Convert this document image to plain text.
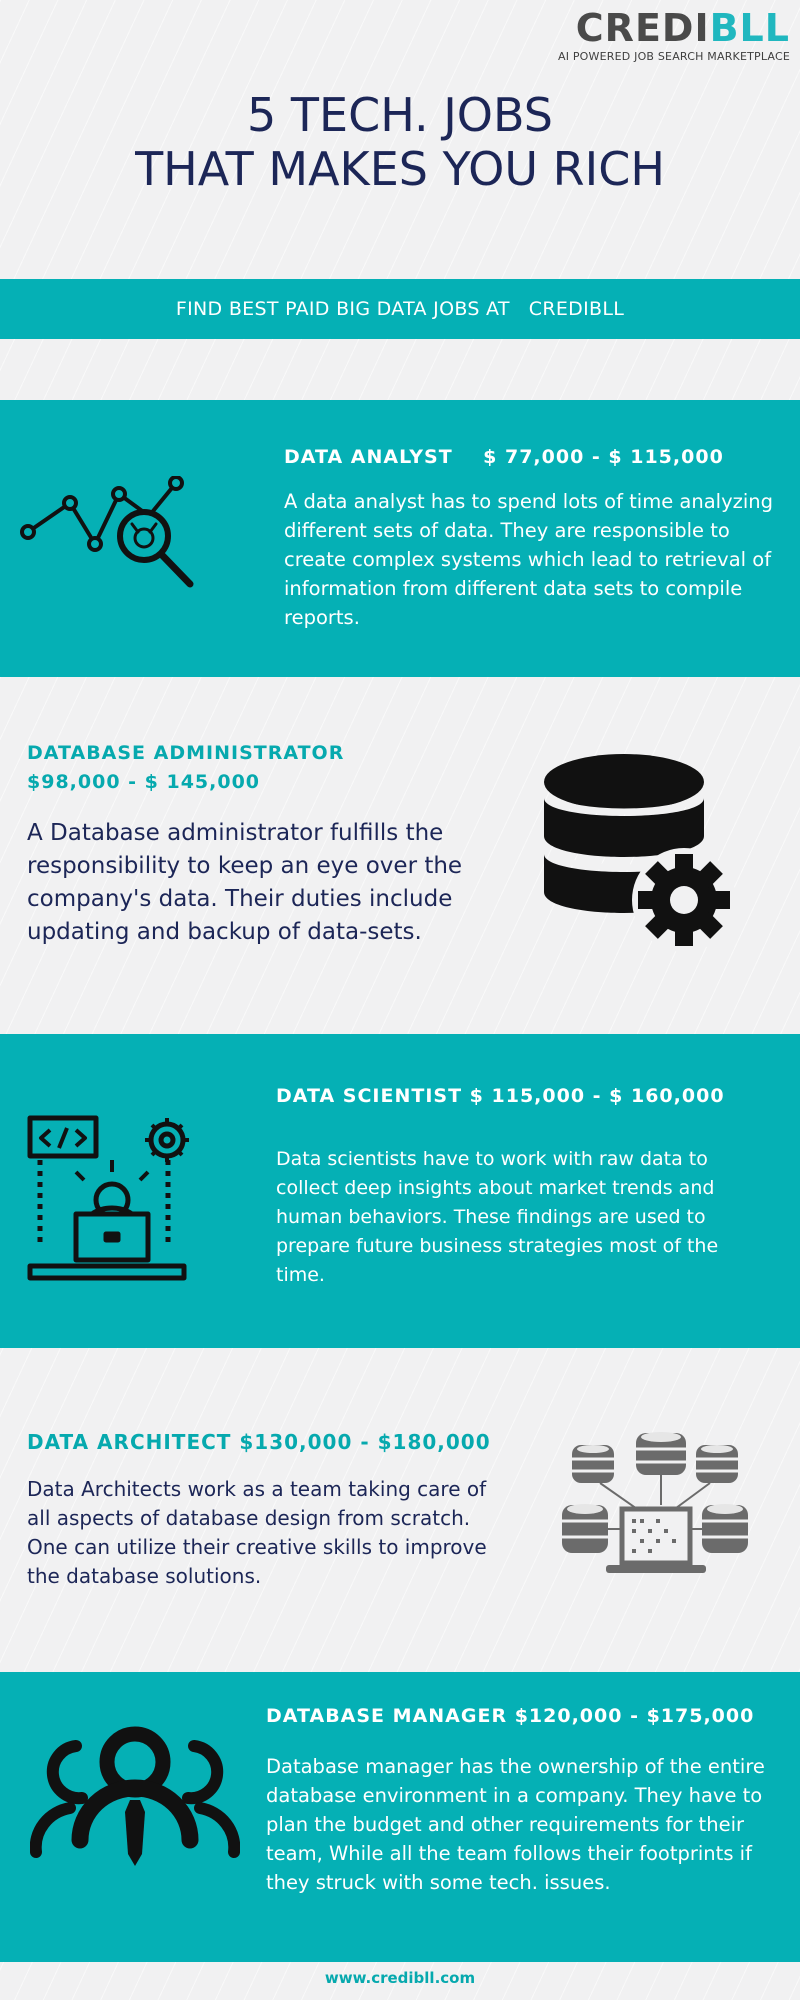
CREDIBLL
AI POWERED JOB SEARCH MARKETPLACE
5 TECH. JOBS
THAT MAKES YOU RICH
FIND BEST PAID BIG DATA JOBS AT   CREDIBLL
DATA ANALYST $ 77,000 - $ 115,000
A data analyst has to spend lots of time analyzing different sets of data. They are responsible to create complex systems which lead to retrieval of information from different data sets to compile reports.
DATABASE ADMINISTRATOR
$98,000 - $ 145,000
A Database administrator fulfills the responsibility to keep an eye over the company's data. Their duties include updating and backup of data-sets.
DATA SCIENTIST $ 115,000 - $ 160,000
Data scientists have to work with raw data to collect deep insights about market trends and human behaviors. These findings are used to prepare future business strategies most of the time.
DATA ARCHITECT $130,000 - $180,000
Data Architects work as a team taking care of all aspects of database design from scratch. One can utilize their creative skills to improve the database solutions.
DATABASE MANAGER $120,000 - $175,000
Database manager has the ownership of the entire database environment in a company. They have to plan the budget and other requirements for their team, While all the team follows their footprints if they struck with some tech. issues.
www.credibll.com
